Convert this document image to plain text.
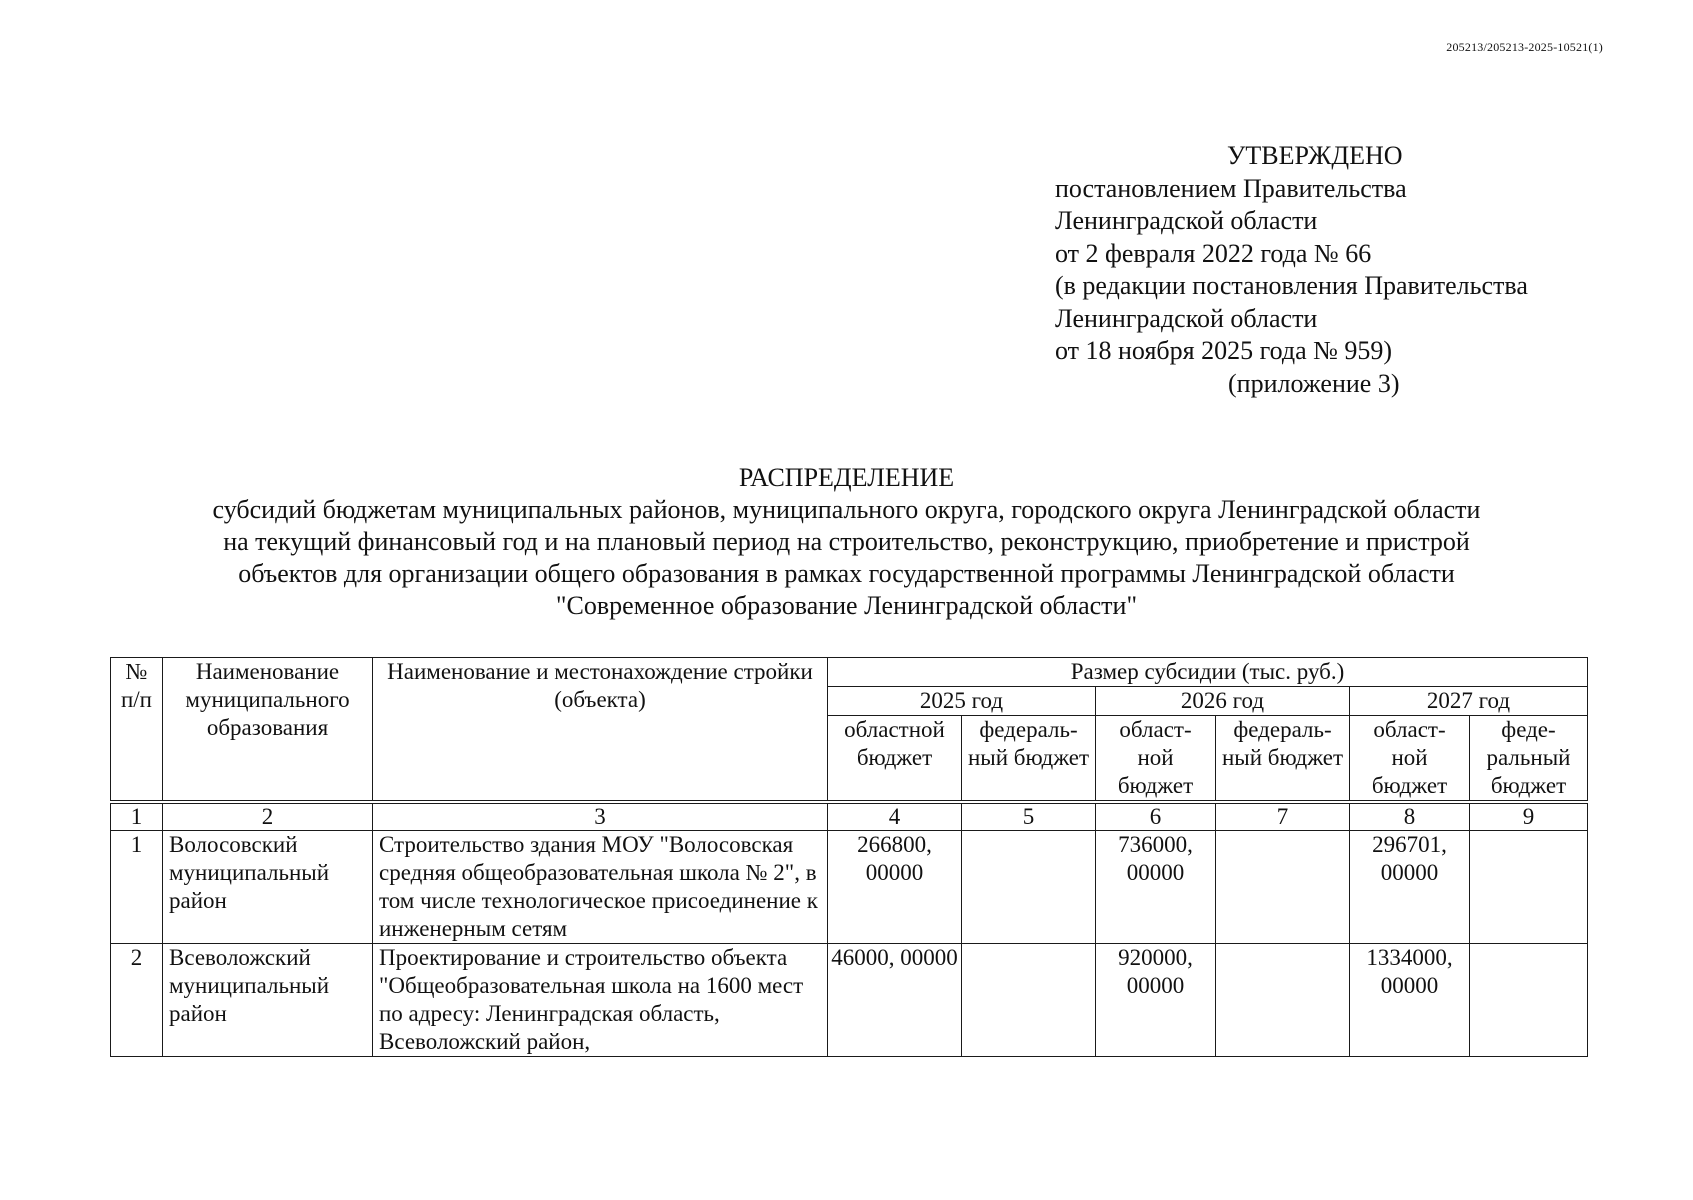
205213/205213-2025-10521(1)
УТВЕРЖДЕНО
постановлением Правительства
Ленинградской области
от 2 февраля 2022 года № 66
(в редакции постановления Правительства
Ленинградской области
от 18 ноября 2025 года № 959)
(приложение 3)
РАСПРЕДЕЛЕНИЕ
субсидий бюджетам муниципальных районов, муниципального округа, городского округа Ленинградской области
на текущий финансовый год и на плановый период на строительство, реконструкцию, приобретение и пристрой
объектов для организации общего образования в рамках государственной программы Ленинградской области
"Современное образование Ленинградской области"
№ п/п	Наименование муниципального образования	Наименование и местонахождение стройки (объекта)	Размер субсидии (тыс. руб.)					
			2025 год		2026 год		2027 год	
			областной бюджет	федераль- ный бюджет	област- ной бюджет	федераль- ный бюджет	област- ной бюджет	феде- ральный бюджет
1	2	3	4	5	6	7	8	9
1	Волосовский муниципальный район	Строительство здания МОУ "Волосовская средняя общеобразовательная школа № 2", в том числе технологическое присоединение к инженерным сетям	266800, 00000		736000, 00000		296701, 00000	
2	Всеволожский муниципальный район	Проектирование и строительство объекта "Общеобразовательная школа на 1600 мест по адресу: Ленинградская область, Всеволожский район,	46000, 00000		920000, 00000		1334000, 00000	
